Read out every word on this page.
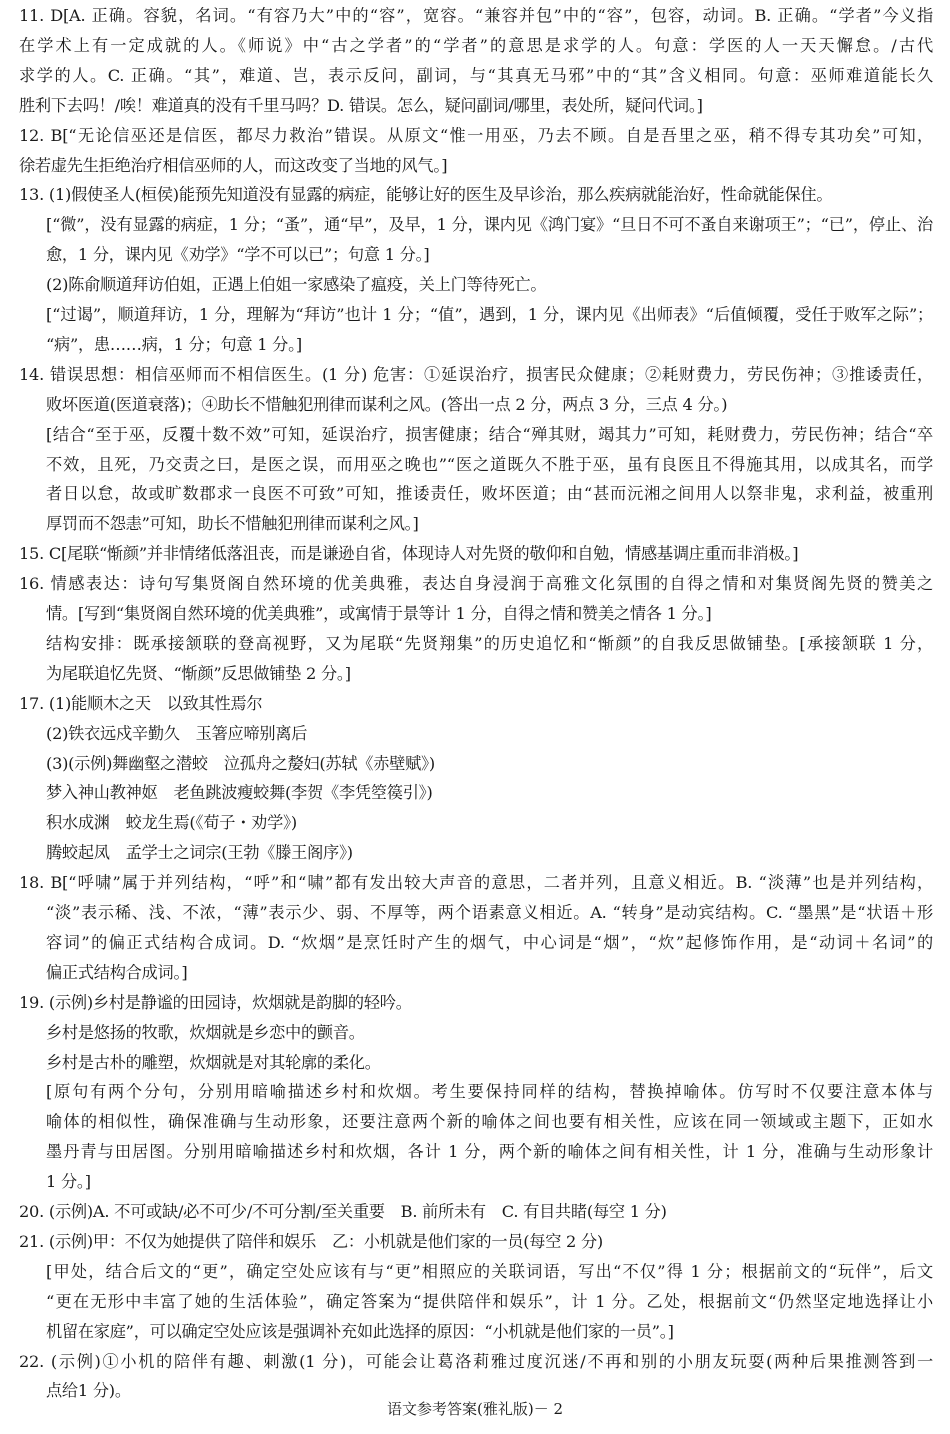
11. D[A. 正确。容貌，名词。“有容乃大”中的“容”，宽容。“兼容并包”中的“容”，包容，动词。B. 正确。“学者”今义指
在学术上有一定成就的人。《师说》中“古之学者”的“学者”的意思是求学的人。句意：学医的人一天天懈怠。/古代
求学的人。C. 正确。“其”，难道、岂，表示反问，副词，与“其真无马邪”中的“其”含义相同。句意：巫师难道能长久
胜利下去吗！/唉！难道真的没有千里马吗？D. 错误。怎么，疑问副词/哪里，表处所，疑问代词。]
12. B[“无论信巫还是信医，都尽力救治”错误。从原文“惟一用巫，乃去不顾。自是吾里之巫，稍不得专其功矣”可知，
徐若虚先生拒绝治疗相信巫师的人，而这改变了当地的风气。]
13. (1)假使圣人(桓侯)能预先知道没有显露的病症，能够让好的医生及早诊治，那么疾病就能治好，性命就能保住。
[“微”，没有显露的病症，1 分；“蚤”，通“早”，及早，1 分，课内见《鸿门宴》“旦日不可不蚤自来谢项王”；“已”，停止、治
愈，1 分，课内见《劝学》“学不可以已”；句意 1 分。]
(2)陈俞顺道拜访伯姐，正遇上伯姐一家感染了瘟疫，关上门等待死亡。
[“过谒”，顺道拜访，1 分，理解为“拜访”也计 1 分；“值”，遇到，1 分，课内见《出师表》“后值倾覆，受任于败军之际”；
“病”，患……病，1 分；句意 1 分。]
14. 错误思想：相信巫师而不相信医生。(1 分) 危害：①延误治疗，损害民众健康；②耗财费力，劳民伤神；③推诿责任，
败坏医道(医道衰落)；④助长不惜触犯刑律而谋利之风。(答出一点 2 分，两点 3 分，三点 4 分。)
[结合“至于巫，反覆十数不效”可知，延误治疗，损害健康；结合“殚其财，竭其力”可知，耗财费力，劳民伤神；结合“卒
不效，且死，乃交责之曰，是医之误，而用巫之晚也”“医之道既久不胜于巫，虽有良医且不得施其用，以成其名，而学
者日以怠，故或旷数郡求一良医不可致”可知，推诿责任，败坏医道；由“甚而沅湘之间用人以祭非鬼，求利益，被重刑
厚罚而不怨恚”可知，助长不惜触犯刑律而谋利之风。]
15. C[尾联“惭颜”并非情绪低落沮丧，而是谦逊自省，体现诗人对先贤的敬仰和自勉，情感基调庄重而非消极。]
16. 情感表达：诗句写集贤阁自然环境的优美典雅，表达自身浸润于高雅文化氛围的自得之情和对集贤阁先贤的赞美之
情。[写到“集贤阁自然环境的优美典雅”，或寓情于景等计 1 分，自得之情和赞美之情各 1 分。]
结构安排：既承接颔联的登高视野，又为尾联“先贤翔集”的历史追忆和“惭颜”的自我反思做铺垫。[承接颔联 1 分，
为尾联追忆先贤、“惭颜”反思做铺垫 2 分。]
17. (1)能顺木之天　以致其性焉尔
(2)铁衣远戍辛勤久　玉箸应啼别离后
(3)(示例)舞幽壑之潜蛟　泣孤舟之嫠妇(苏轼《赤壁赋》)
梦入神山教神妪　老鱼跳波瘦蛟舞(李贺《李凭箜篌引》)
积水成渊　蛟龙生焉(《荀子・劝学》)
腾蛟起凤　孟学士之词宗(王勃《滕王阁序》)
18. B[“呼啸”属于并列结构，“呼”和“啸”都有发出较大声音的意思，二者并列，且意义相近。B. “淡薄”也是并列结构，
“淡”表示稀、浅、不浓，“薄”表示少、弱、不厚等，两个语素意义相近。A. “转身”是动宾结构。C. “墨黑”是“状语＋形
容词”的偏正式结构合成词。D. “炊烟”是烹饪时产生的烟气，中心词是“烟”，“炊”起修饰作用，是“动词＋名词”的
偏正式结构合成词。]
19. (示例)乡村是静谧的田园诗，炊烟就是韵脚的轻吟。
乡村是悠扬的牧歌，炊烟就是乡恋中的颤音。
乡村是古朴的雕塑，炊烟就是对其轮廓的柔化。
[原句有两个分句，分别用暗喻描述乡村和炊烟。考生要保持同样的结构，替换掉喻体。仿写时不仅要注意本体与
喻体的相似性，确保准确与生动形象，还要注意两个新的喻体之间也要有相关性，应该在同一领域或主题下，正如水
墨丹青与田居图。分别用暗喻描述乡村和炊烟，各计 1 分，两个新的喻体之间有相关性，计 1 分，准确与生动形象计
1 分。]
20. (示例)A. 不可或缺/必不可少/不可分割/至关重要　B. 前所未有　C. 有目共睹(每空 1 分)
21. (示例)甲：不仅为她提供了陪伴和娱乐　乙：小机就是他们家的一员(每空 2 分)
[甲处，结合后文的“更”，确定空处应该有与“更”相照应的关联词语，写出“不仅”得 1 分；根据前文的“玩伴”，后文
“更在无形中丰富了她的生活体验”，确定答案为“提供陪伴和娱乐”，计 1 分。乙处，根据前文“仍然坚定地选择让小
机留在家庭”，可以确定空处应该是强调补充如此选择的原因：“小机就是他们家的一员”。]
22. (示例)①小机的陪伴有趣、刺激(1 分)，可能会让葛洛莉雅过度沉迷/不再和别的小朋友玩耍(两种后果推测答到一
点给1 分)。
语文参考答案(雅礼版)－ 2
